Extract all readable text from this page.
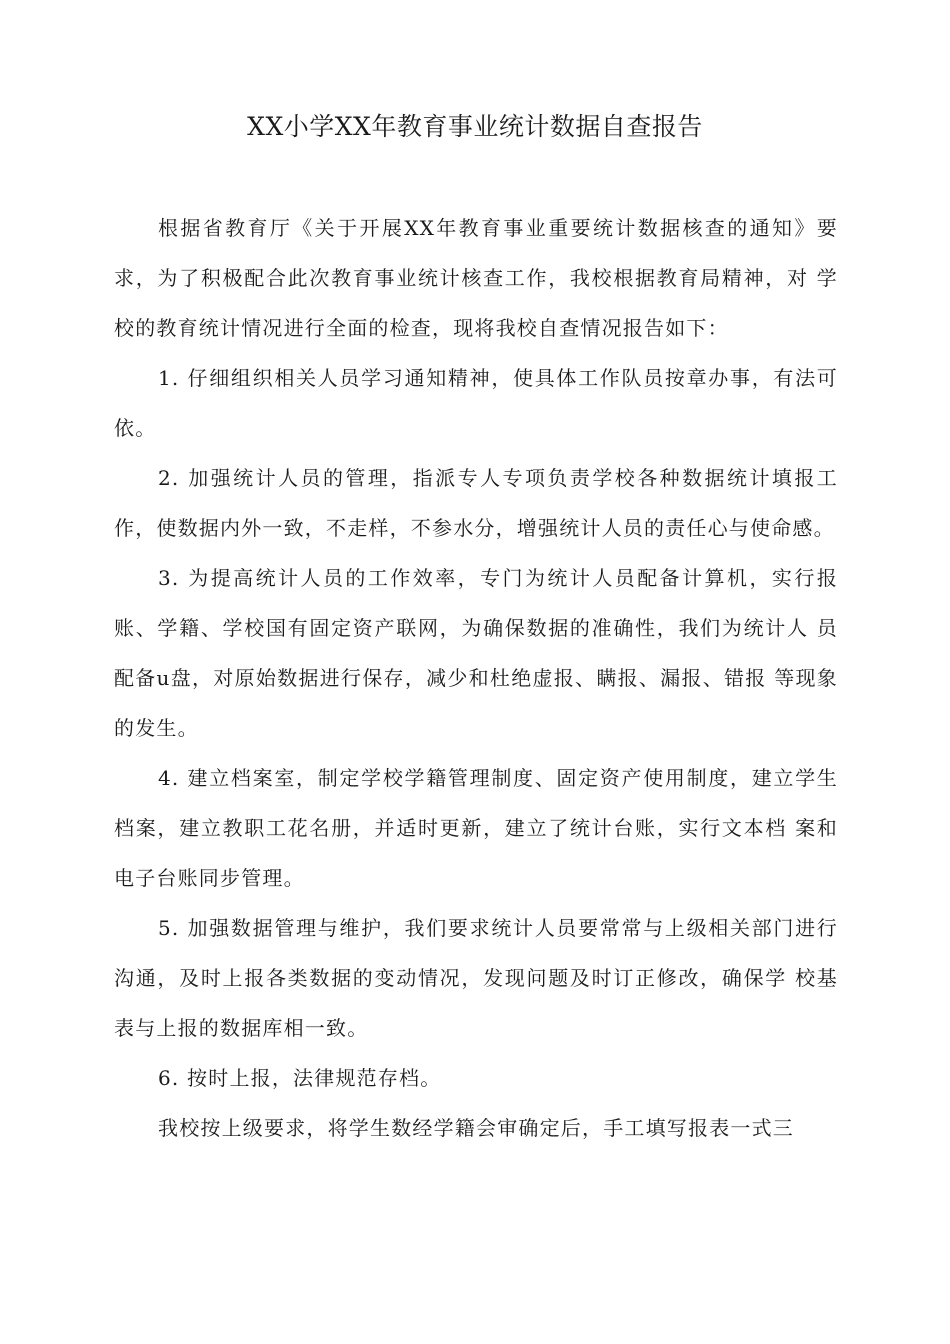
XX小学XX年教育事业统计数据自查报告

根据省教育厅《关于开展XX年教育事业重要统计数据核查的通知》要求，为了积极配合此次教育事业统计核查工作，我校根据教育局精神，对 学校的教育统计情况进行全面的检查，现将我校自查情况报告如下：

1. 仔细组织相关人员学习通知精神，使具体工作队员按章办事，有法可依。

2. 加强统计人员的管理，指派专人专项负责学校各种数据统计填报工作，使数据内外一致，不走样，不参水分，增强统计人员的责任心与使命感。

3. 为提高统计人员的工作效率，专门为统计人员配备计算机，实行报账、学籍、学校国有固定资产联网，为确保数据的准确性，我们为统计人 员配备u盘，对原始数据进行保存，减少和杜绝虚报、瞒报、漏报、错报 等现象的发生。

4. 建立档案室，制定学校学籍管理制度、固定资产使用制度，建立学生档案，建立教职工花名册，并适时更新，建立了统计台账，实行文本档 案和电子台账同步管理。

5. 加强数据管理与维护，我们要求统计人员要常常与上级相关部门进行沟通，及时上报各类数据的变动情况，发现问题及时订正修改，确保学 校基表与上报的数据库相一致。

6. 按时上报，法律规范存档。

我校按上级要求，将学生数经学籍会审确定后，手工填写报表一式三
